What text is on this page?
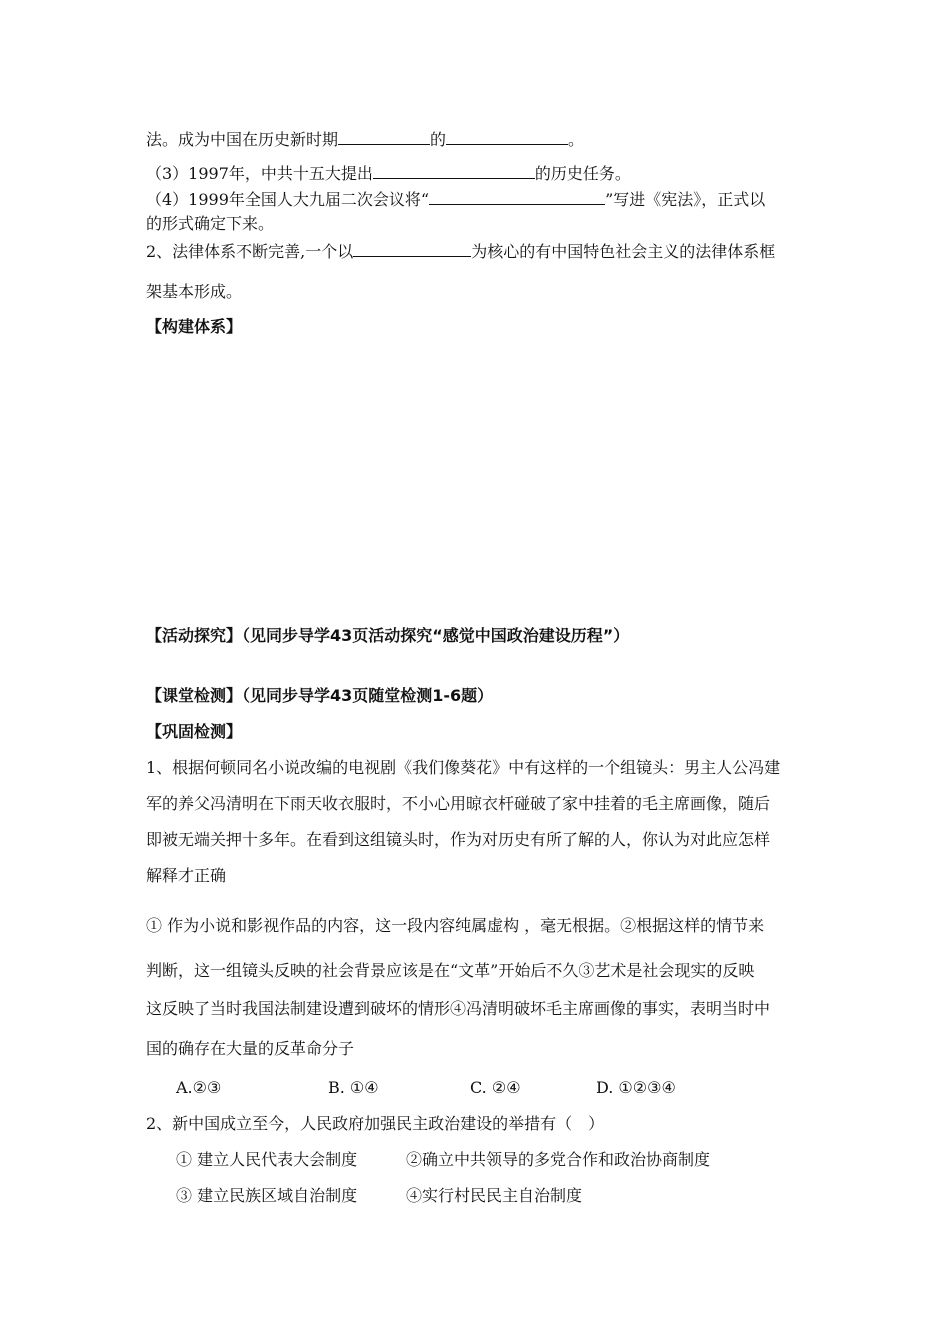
法。成为中国在历史新时期	的	。
（3）1997年，中共十五大提出	的历史任务。
（4）1999年全国人大九届二次会议将“	”写进《宪法》，正式以
的形式确定下来。
2、法律体系不断完善,一个以	为核心的有中国特色社会主义的法律体系框
架基本形成。
【构建体系】
【活动探究】（见同步导学43页活动探究“感觉中国政治建设历程”）
【课堂检测】（见同步导学43页随堂检测1-6题）
【巩固检测】
1、根据何顿同名小说改编的电视剧《我们像葵花》中有这样的一个组镜头：男主人公冯建
军的养父冯清明在下雨天收衣服时，不小心用晾衣杆碰破了家中挂着的毛主席画像，随后
即被无端关押十多年。在看到这组镜头时，作为对历史有所了解的人，你认为对此应怎样
解释才正确
① 作为小说和影视作品的内容，这一段内容纯属虚构 ，毫无根据。②根据这样的情节来
判断，这一组镜头反映的社会背景应该是在“文革”开始后不久③艺术是社会现实的反映
这反映了当时我国法制建设遭到破坏的情形④冯清明破坏毛主席画像的事实，表明当时中
国的确存在大量的反革命分子
A.②③	B. ①④	C. ②④	D. ①②③④
2、新中国成立至今，人民政府加强民主政治建设的举措有（　）
① 建立人民代表大会制度	②确立中共领导的多党合作和政治协商制度
③ 建立民族区域自治制度	④实行村民民主自治制度
